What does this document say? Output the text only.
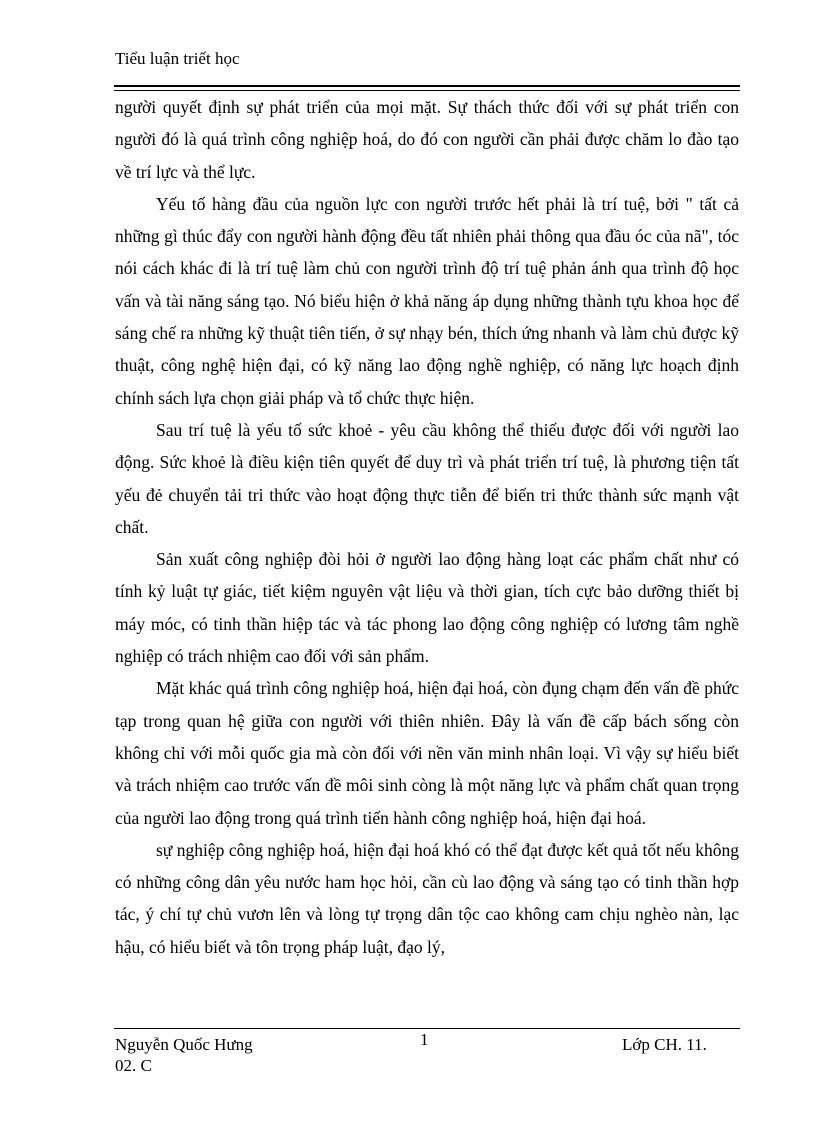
Tiểu luận triết học

người quyết định sự phát triển của mọi mặt. Sự thách thức đối với sự phát triển con người đó là quá trình công nghiệp hoá, do đó con người cần phải được chăm lo đào tạo về trí lực và thể lực.

Yếu tố hàng đầu của nguồn lực con người trước hết phải là trí tuệ, bởi " tất cả những gì thúc đẩy con người hành động đều tất nhiên phải thông qua đầu óc của nã", tóc nói cách khác đi là trí tuệ làm chủ con người trình độ trí tuệ phản ánh qua trình độ học vấn và tài năng sáng tạo. Nó biểu hiện ở khả năng áp dụng những thành tựu khoa học để sáng chế ra những kỹ thuật tiên tiến, ở sự nhạy bén, thích ứng nhanh và làm chủ được kỹ thuật, công nghệ hiện đại, có kỹ năng lao động nghề nghiệp, có năng lực hoạch định chính sách lựa chọn giải pháp và tổ chức thực hiện.

Sau trí tuệ là yếu tố sức khoẻ - yêu cầu không thể thiếu được đối với người lao động. Sức khoẻ là điều kiện tiên quyết để duy trì và phát triển trí tuệ, là phương tiện tất yếu đẻ chuyển tải tri thức vào hoạt động thực tiễn để biến tri thức thành sức mạnh vật chất.

Sản xuất công nghiệp đòi hỏi ở người lao động hàng loạt các phẩm chất như có tính kỷ luật tự giác, tiết kiệm nguyên vật liệu và thời gian, tích cực bảo dưỡng thiết bị máy móc, có tinh thần hiệp tác và tác phong lao động công nghiệp có lương tâm nghề nghiệp có trách nhiệm cao đối với sản phẩm.

Mặt khác quá trình công nghiệp hoá, hiện đại hoá, còn đụng chạm đến vấn đề phức tạp trong quan hệ giữa con người với thiên nhiên. Đây là vấn đề cấp bách sống còn không chỉ với mỗi quốc gia mà còn đối với nền văn minh nhân loại. Vì vậy sự hiểu biết và trách nhiệm cao trước vấn đề môi sinh còng là một năng lực và phẩm chất quan trọng của người lao động trong quá trình tiến hành công nghiệp hoá, hiện đại hoá.

sự nghiệp công nghiệp hoá, hiện đại hoá khó có thể đạt được kết quả tốt nếu không có những công dân yêu nước ham học hỏi, cần cù lao động và sáng tạo có tinh thần hợp tác, ý chí tự chủ vươn lên và lòng tự trọng dân tộc cao không cam chịu nghèo nàn, lạc hậu, có hiểu biết và tôn trọng pháp luật, đạo lý,

Nguyễn Quốc Hưng	1	Lớp CH. 11.
02. C
